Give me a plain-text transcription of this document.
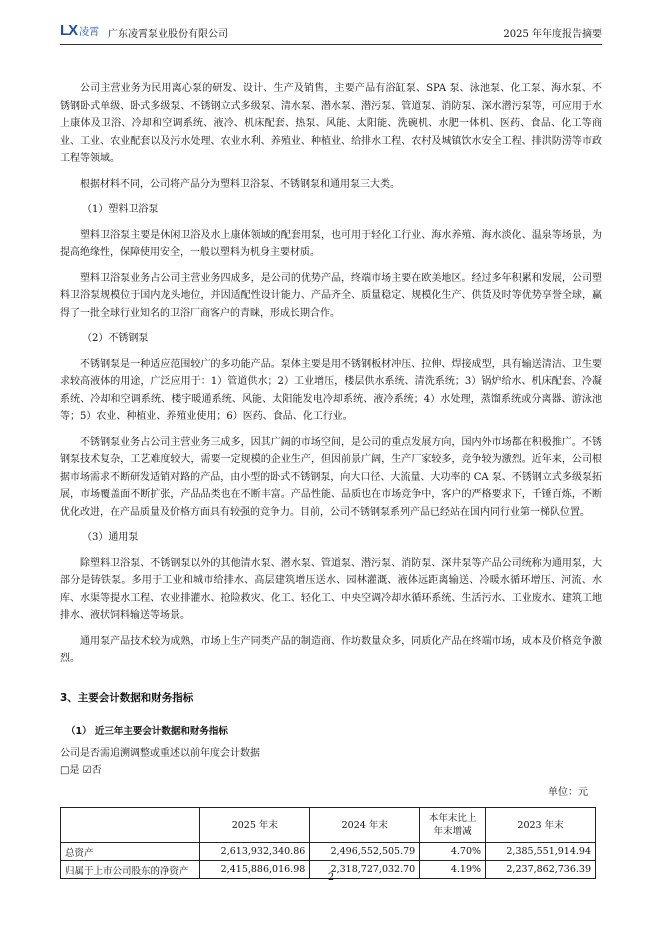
LX 凌霄 广东凌霄泵业股份有限公司	2025 年年度报告摘要

公司主营业务为民用离心泵的研发、设计、生产及销售，主要产品有浴缸泵、SPA 泵、泳池泵、化工泵、海水泵、不锈钢卧式单级、卧式多级泵、不锈钢立式多级泵、清水泵、潜水泵、潜污泵、管道泵、消防泵、深水潜污泵等，可应用于水上康体及卫浴、冷却和空调系统、液冷、机床配套、热泵、风能、太阳能、洗碗机、水肥一体机、医药、食品、化工等商业、工业、农业配套以及污水处理、农业水利、养殖业、种植业、给排水工程、农村及城镇饮水安全工程、排洪防涝等市政工程等领域。

根据材料不同，公司将产品分为塑料卫浴泵、不锈钢泵和通用泵三大类。

（1）塑料卫浴泵

塑料卫浴泵主要是休闲卫浴及水上康体领域的配套用泵，也可用于轻化工行业、海水养殖、海水淡化、温泉等场景，为提高绝缘性，保障使用安全，一般以塑料为机身主要材质。

塑料卫浴泵业务占公司主营业务四成多，是公司的优势产品，终端市场主要在欧美地区。经过多年积累和发展，公司塑料卫浴泵规模位于国内龙头地位，并因适配性设计能力、产品齐全、质量稳定、规模化生产、供货及时等优势享誉全球，赢得了一批全球行业知名的卫浴厂商客户的青睐，形成长期合作。

（2）不锈钢泵

不锈钢泵是一种适应范围较广的多功能产品。泵体主要是用不锈钢板材冲压、拉伸、焊接成型，具有输送清洁、卫生要求较高液体的用途，广泛应用于：1）管道供水；2）工业增压，楼层供水系统、清洗系统；3）锅炉给水、机床配套、冷凝系统、冷却和空调系统、楼宇暖通系统、风能、太阳能发电冷却系统、液冷系统；4）水处理，蒸馏系统或分离器、游泳池等；5）农业、种植业、养殖业使用；6）医药、食品、化工行业。

不锈钢泵业务占公司主营业务三成多，因其广阔的市场空间，是公司的重点发展方向，国内外市场都在积极推广。不锈钢泵技术复杂，工艺难度较大，需要一定规模的企业生产，但因前景广阔，生产厂家较多，竞争较为激烈。近年来，公司根据市场需求不断研发适销对路的产品，由小型的卧式不锈钢泵，向大口径、大流量、大功率的 CA 泵、不锈钢立式多级泵拓展，市场覆盖面不断扩张，产品品类也在不断丰富。产品性能、品质也在市场竞争中，客户的严格要求下，千锤百炼，不断优化改进，在产品质量及价格方面具有较强的竞争力。目前，公司不锈钢泵系列产品已经站在国内同行业第一梯队位置。

（3）通用泵

除塑料卫浴泵、不锈钢泵以外的其他清水泵、潜水泵、管道泵、潜污泵、消防泵、深井泵等产品公司统称为通用泵，大部分是铸铁泵。多用于工业和城市给排水、高层建筑增压送水、园林灌溉、液体远距离输送、冷暖水循环增压、河流、水库、水渠等提水工程、农业排灌水、抢险救灾、化工、轻化工、中央空调冷却水循环系统、生活污水、工业废水、建筑工地排水、液状饲料输送等场景。

通用泵产品技术较为成熟，市场上生产同类产品的制造商、作坊数量众多，同质化产品在终端市场，成本及价格竞争激烈。

3、主要会计数据和财务指标
（1） 近三年主要会计数据和财务指标

公司是否需追溯调整或重述以前年度会计数据

□是 ☑否

单位：元

	2025 年末	2024 年末	本年末比上年末增减	2023 年末
总资产	2,613,932,340.86	2,496,552,505.79	4.70%	2,385,551,914.94
归属于上市公司股东的净资产	2,415,886,016.98	2,318,727,032.70	4.19%	2,237,862,736.39
2
